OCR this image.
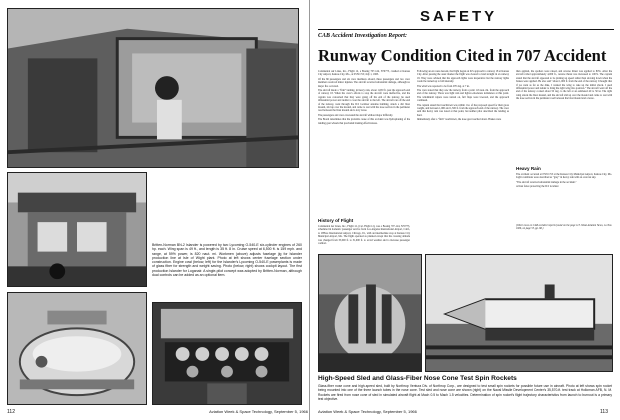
Britten-Norman BN-2 Islander is powered by two Lycoming O-540-E six-cylinder engines of 260 hp. each. Wing span is 49 ft., and length is 35 ft. 8 in. Cruise speed at 6,500 ft. is 159 mph. and range, at 59% power, is 820 naut. mi. Workmen (above) adjusts fuselage jig for Islander production line at Isle of Wight plant. Photo at left shows center fuselage section under construction. Engine cowl (below, left) for the Islander's Lycoming O-540-E powerplants is made of glass fiber for strength and weight saving. Photo (below, right) shows cockpit layout. The first production Islander for Loganair. A single-pilot concept was adopted by Britten-Norman, although dual controls can be added as an optional item.
112	Aviation Week & Space Technology, September 5, 1966
SAFETY
CAB Accident Investigation Report:
Runway Condition Cited in 707 Accident

Continental Air Lines, Inc., Flight 12, a Boeing 707-124, N70773, crashed at Kansas City Airport, Kansas City, Mo., at 0729 CST, July 1, 1965.

Of the 66 passengers and six crew members aboard, three passengers and two crew members received minor injuries. The aircraft received substantial damage, although no major fire occurred.

The aircraft made a "firm" landing, in heavy rain, about 1,650 ft. past the approach end of runway 18. When the crew's efforts to stop the aircraft were ineffective, and the captain was concerned that they were going off the end of the runway, he used differential power and rudder to veer the aircraft to the left. The aircraft ran off the end of the runway, went through the ILS localizer antenna building, struck a dirt blast mound, slid up over the mound, and came to rest with the nose section in the perimeter road between the blast mound and a levy levee.

The passengers and crew evacuated the aircraft without major difficulty.

The Board determines that the probable cause of this accident was hydroplaning of the landing gear wheels that precluded braking effectiveness.

History of Flight
Continental Air Lines, Inc., Flight 12, (Cal. Flight 12), was a Boeing 707-124, N70773, scheduled in domestic passenger service from Los Angeles International Airport, Calif., to O'Hare International Airport, Chicago, Ill., with an intermediate stop at Kansas City Municipal Airport, Mo. The flight operated as planned except that the crossing altitude was changed from 35,000 ft. to 31,000 ft. to avoid weather and to increase passenger comfort.

Following an en route descent, the flight began an ILS approach to runway 18 at Kansas City. After passing the outer marker the flight was cleared to land straight in on runway 18. They were advised that the approach lights were inoperative but the runway lights would be turned up to full intensity.

The wind was reported to be from 070 deg. at 7 kt.

The crew stated that they saw the runway from a point 1.8 naut. mi. from the approach end of the runway. There was light rain and light-to-moderate turbulence at this point. The windshield wipers were turned on, full flaps were lowered, and the approach continued.

The captain stated that touchdown was within 1 kt. of the proposed speed for their gross weight, and between 1,000 and 1,500 ft. from the approach end of the runway. The crew said that heavy rain was noted at that point, but neither pilot described the landing as hard.

Immediately after a "firm" touchdown, the nose gear touched down. Brakes were

then applied, the spoilers were raised, and reverse thrust was applied to 80%. After the aircraft rolled approximately 4,000 ft., reverse thrust was increased to 100%. The captain stated that the aircraft appeared to be picking up speed rather than slowing down when the brakes were applied. He also said "about 1,000 ft. from the end of the runway I thought that if we went as far as the dike, I wanted the wing to take up the initial shock. I used differential power and rudder to bring the right wing into position." The aircraft went off the end of the runway cocked about 50 deg. to the left at an estimated 40 to 50 kt. The right wing struck the blast mound, and the aircraft slid up over the mound and came to rest with the nose section in the perimeter road between the blast mound and a levee.

Heavy Rain

The accident occurred at 0729 CST at the Kansas City Municipal Airport, Kansas City, Mo. Light conditions were described as "gray" in heavy rain with an overcast sky.

"The aircraft received substantial damage in the accident."

A blast fence protecting the ILS localizer

(Other news on CAB accident reports found on the page 113. Weak Aviation News, 1a Nov. 1966, on page 55, pp. 68.)
High-Speed Sled and Glass-Fiber Nose Cone Test Spin Rockets
Glass-fiber nose cone and high-speed sled, built by Northrop Ventura Div. of Northrop Corp., are designed to test small spin rockets for possible future use in aircraft. Photo at left shows spin rocket being mounted into one of the three launch tubes in the nose cone. Test sled and nose cone are shown (right) on the Naval Missile Development Center's 35,570-ft. test track at Holloman AFB, N. M. Rockets are fired from nose cone of sled in simulated aircraft flight at Mach 0.5 to Mach 1.5 velocities. Determination of spin rocket's flight trajectory characteristics from launch to burnout is a primary test objective.
Aviation Week & Space Technology, September 5, 1966	113
